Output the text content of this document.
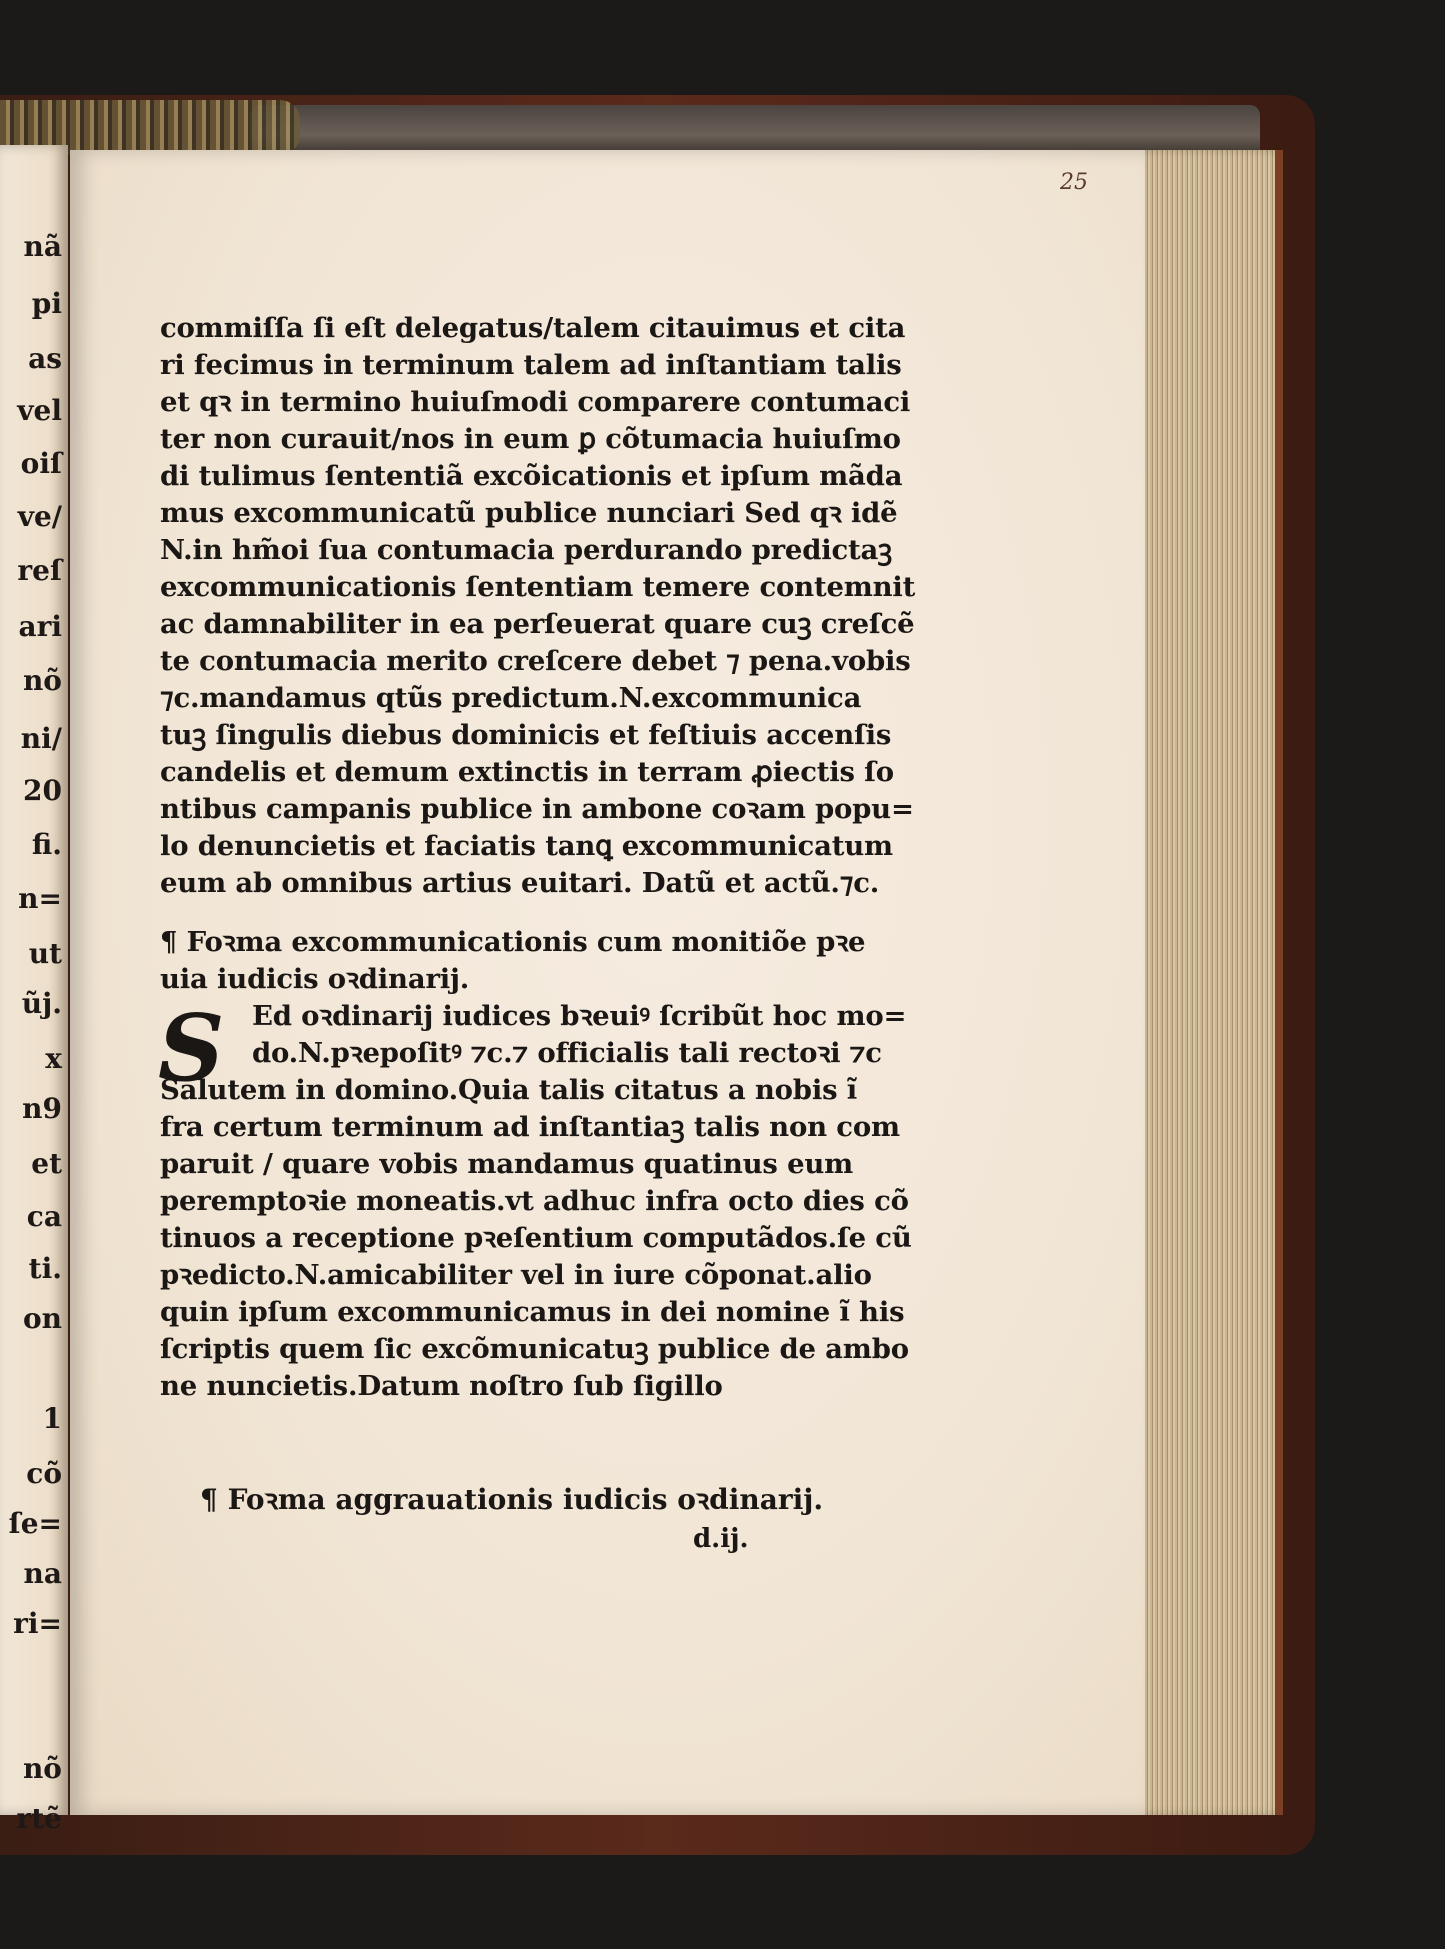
nã

pi

as

vel

oiſ

ve/

reſ

ari

nõ

ni/

20

fi.

n=

ut

ũj.

x

n9

et

ca

ti.

on

1

cõ

ſe=

na

ri=

nõ

rtẽ

25

commiſſa ſi eſt delegatus/talem citauimus et cita

ri fecimus in terminum talem ad inſtantiam talis

et qꝛ in termino huiuſmodi comparere contumaci

ter non curauit/nos in eum ꝑ cõtumacia huiuſmo

di tulimus ſententiã excõicationis et ipſum mãda

mus excommunicatũ publice nunciari Sed qꝛ idẽ

N.in hm̃oi ſua contumacia perdurando predictaꝫ

excommunicationis ſententiam temere contemnit

ac damnabiliter in ea perſeuerat quare cuꝫ creſcẽ

te contumacia merito creſcere debet ⁊ pena.vobis

⁊c.mandamus qtũs predictum.N.excommunica

tuꝫ ſingulis diebus dominicis et feſtiuis accenſis

candelis et demum extinctis in terram ꝓiectis ſo

ntibus campanis publice in ambone coꝛam popu=

lo denuncietis et faciatis tanꝗ excommunicatum

eum ab omnibus artius euitari. Datũ et actũ.⁊c.

¶ Foꝛma excommunicationis cum monitiõe pꝛe

uia iudicis oꝛdinarij.

S Ed oꝛdinarij iudices bꝛeuiꝰ ſcribũt hoc mo=

do.N.pꝛepoſitꝰ ⁊c.⁊ officialis tali rectoꝛi ⁊c

Salutem in domino.Quia talis citatus a nobis ĩ

fra certum terminum ad inſtantiaꝫ talis non com

paruit / quare vobis mandamus quatinus eum

peremptoꝛie moneatis.vt adhuc infra octo dies cõ

tinuos a receptione pꝛeſentium computãdos.ſe cũ

pꝛedicto.N.amicabiliter vel in iure cõponat.alio

quin ipſum excommunicamus in dei nomine ĩ his

ſcriptis quem ſic excõmunicatuꝫ publice de ambo

ne nuncietis.Datum noſtro ſub ſigillo

¶ Foꝛma aggrauationis iudicis oꝛdinarij.

d.ij.
